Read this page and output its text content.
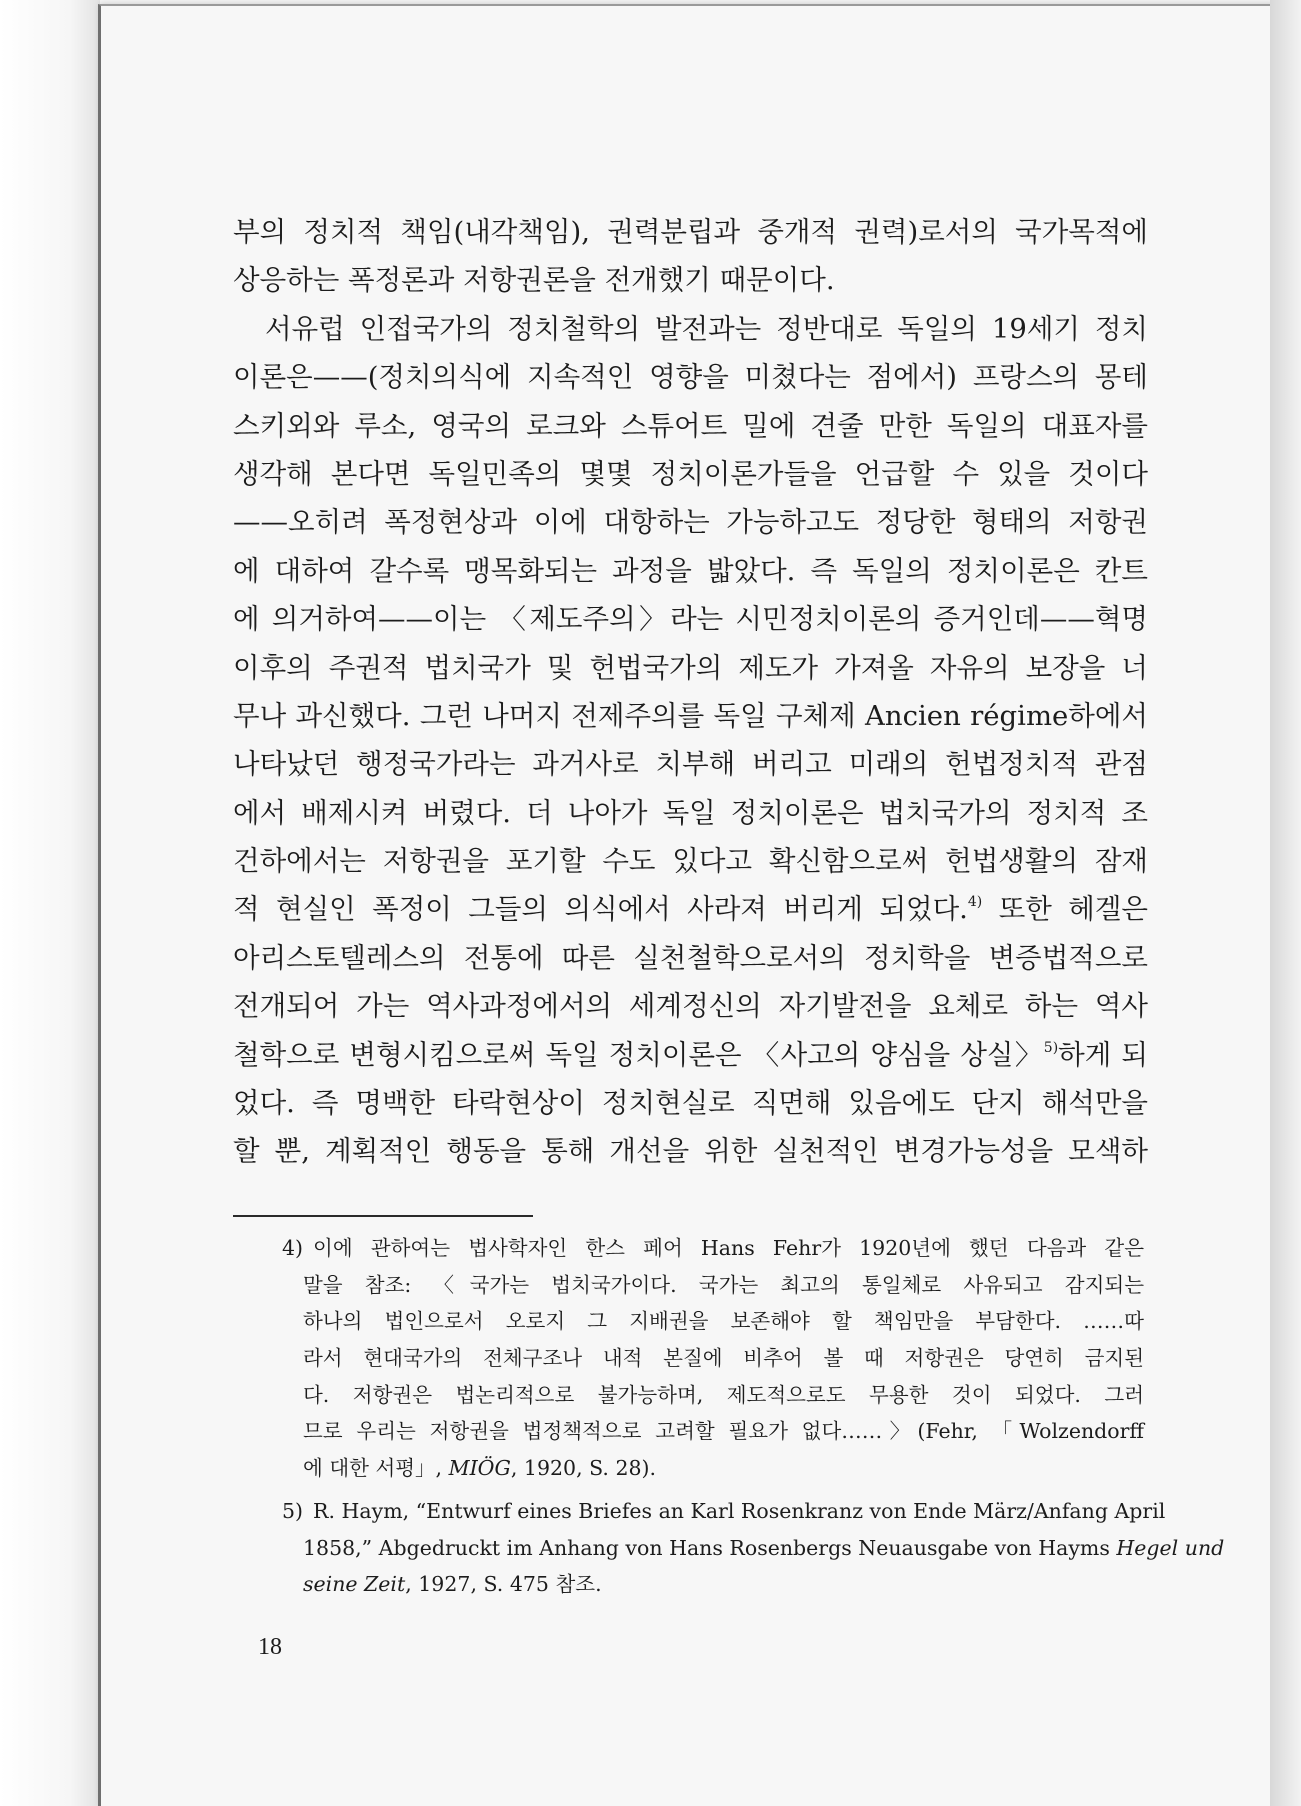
부의 정치적 책임(내각책임), 권력분립과 중개적 권력)로서의 국가목적에
상응하는 폭정론과 저항권론을 전개했기 때문이다.
서유럽 인접국가의 정치철학의 발전과는 정반대로 독일의 19세기 정치
이론은——(정치의식에 지속적인 영향을 미쳤다는 점에서) 프랑스의 몽테
스키외와 루소, 영국의 로크와 스튜어트 밀에 견줄 만한 독일의 대표자를
생각해 본다면 독일민족의 몇몇 정치이론가들을 언급할 수 있을 것이다
——오히려 폭정현상과 이에 대항하는 가능하고도 정당한 형태의 저항권
에 대하여 갈수록 맹목화되는 과정을 밟았다. 즉 독일의 정치이론은 칸트
에 의거하여——이는 〈제도주의〉라는 시민정치이론의 증거인데——혁명
이후의 주권적 법치국가 및 헌법국가의 제도가 가져올 자유의 보장을 너
무나 과신했다. 그런 나머지 전제주의를 독일 구체제 Ancien régime하에서
나타났던 행정국가라는 과거사로 치부해 버리고 미래의 헌법정치적 관점
에서 배제시켜 버렸다. 더 나아가 독일 정치이론은 법치국가의 정치적 조
건하에서는 저항권을 포기할 수도 있다고 확신함으로써 헌법생활의 잠재
적 현실인 폭정이 그들의 의식에서 사라져 버리게 되었다.$^{4)}$ 또한 헤겔은
아리스토텔레스의 전통에 따른 실천철학으로서의 정치학을 변증법적으로
전개되어 가는 역사과정에서의 세계정신의 자기발전을 요체로 하는 역사
철학으로 변형시킴으로써 독일 정치이론은 〈사고의 양심을 상실〉$^{5)}$하게 되
었다. 즉 명백한 타락현상이 정치현실로 직면해 있음에도 단지 해석만을
할 뿐, 계획적인 행동을 통해 개선을 위한 실천적인 변경가능성을 모색하
4) 이에 관하여는 법사학자인 한스 페어 Hans Fehr가 1920년에 했던 다음과 같은
말을 참조: 〈국가는 법치국가이다. 국가는 최고의 통일체로 사유되고 감지되는
하나의 법인으로서 오로지 그 지배권을 보존해야 할 책임만을 부담한다. ……따
라서 현대국가의 전체구조나 내적 본질에 비추어 볼 때 저항권은 당연히 금지된
다. 저항권은 법논리적으로 불가능하며, 제도적으로도 무용한 것이 되었다. 그러
므로 우리는 저항권을 법정책적으로 고려할 필요가 없다……〉(Fehr, 「Wolzendorff
에 대한 서평」, MIÖG, 1920, S. 28).
5) R. Haym, “Entwurf eines Briefes an Karl Rosenkranz von Ende März/Anfang April
1858,” Abgedruckt im Anhang von Hans Rosenbergs Neuausgabe von Hayms Hegel und
seine Zeit, 1927, S. 475 참조.
18
